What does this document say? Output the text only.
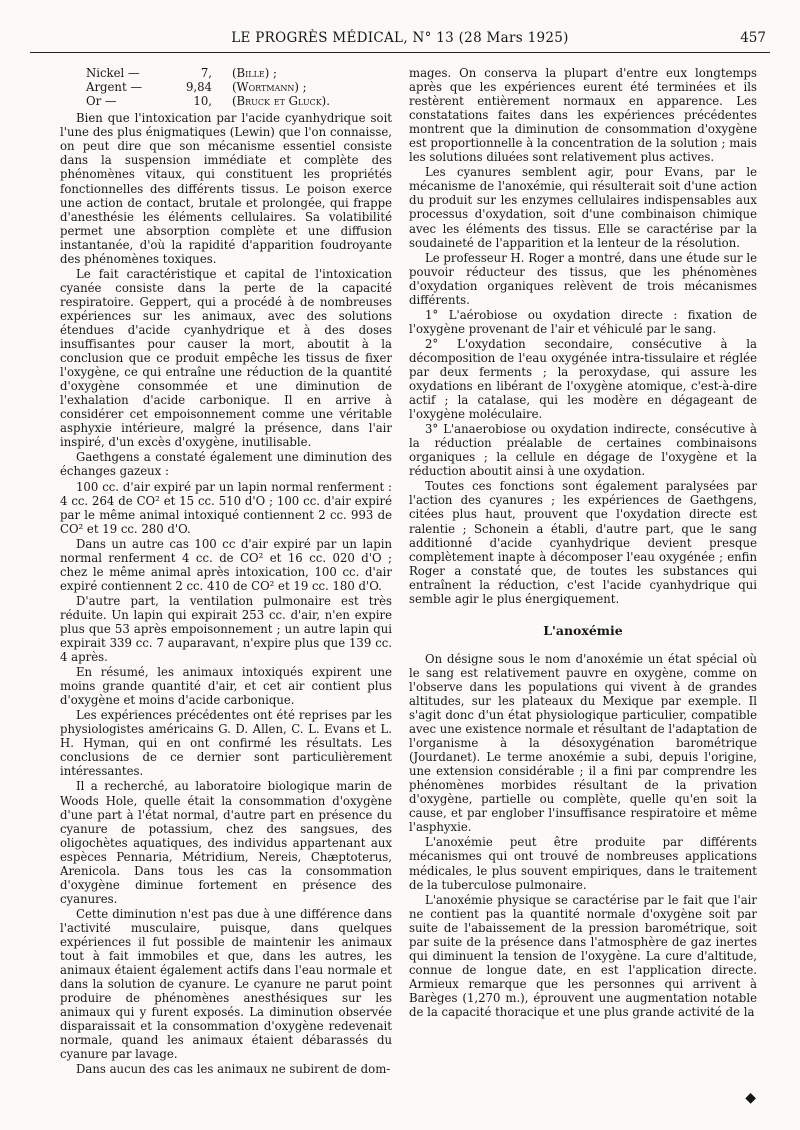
LE PROGRÈS MÉDICAL, N° 13 (28 Mars 1925)	457
Nickel —	7,	(Bille) ;
Argent —	9,84	(Wortmann) ;
Or —	10,	(Bruck et Gluck).

Bien que l'intoxication par l'acide cyanhydrique soit l'une des plus énigmatiques (Lewin) que l'on connaisse, on peut dire que son mécanisme essentiel consiste dans la suspension immédiate et complète des phénomènes vitaux, qui constituent les propriétés fonctionnelles des différents tissus. Le poison exerce une action de contact, brutale et prolongée, qui frappe d'anesthésie les éléments cellulaires. Sa volatibilité permet une absorption complète et une diffusion instantanée, d'où la rapidité d'apparition foudroyante des phénomènes toxiques.

Le fait caractéristique et capital de l'intoxication cyanée consiste dans la perte de la capacité respiratoire. Geppert, qui a procédé à de nombreuses expériences sur les animaux, avec des solutions étendues d'acide cyanhydrique et à des doses insuffisantes pour causer la mort, aboutit à la conclusion que ce produit empêche les tissus de fixer l'oxygène, ce qui entraîne une réduction de la quantité d'oxygène consommée et une diminution de l'exhalation d'acide carbonique. Il en arrive à considérer cet empoisonnement comme une véritable asphyxie intérieure, malgré la présence, dans l'air inspiré, d'un excès d'oxygène, inutilisable.

Gaethgens a constaté également une diminution des échanges gazeux :

100 cc. d'air expiré par un lapin normal renferment : 4 cc. 264 de CO² et 15 cc. 510 d'O ; 100 cc. d'air expiré par le même animal intoxiqué contiennent 2 cc. 993 de CO² et 19 cc. 280 d'O.

Dans un autre cas 100 cc d'air expiré par un lapin normal renferment 4 cc. de CO² et 16 cc. 020 d'O ; chez le même animal après intoxication, 100 cc. d'air expiré contiennent 2 cc. 410 de CO² et 19 cc. 180 d'O.

D'autre part, la ventilation pulmonaire est très réduite. Un lapin qui expirait 253 cc. d'air, n'en expire plus que 53 après empoisonnement ; un autre lapin qui expirait 339 cc. 7 auparavant, n'expire plus que 139 cc. 4 après.

En résumé, les animaux intoxiqués expirent une moins grande quantité d'air, et cet air contient plus d'oxygène et moins d'acide carbonique.

Les expériences précédentes ont été reprises par les physiologistes américains G. D. Allen, C. L. Evans et L. H. Hyman, qui en ont confirmé les résultats. Les conclusions de ce dernier sont particulièrement intéressantes.

Il a recherché, au laboratoire biologique marin de Woods Hole, quelle était la consommation d'oxygène d'une part à l'état normal, d'autre part en présence du cyanure de potassium, chez des sangsues, des oligochètes aquatiques, des individus appartenant aux espèces Pennaria, Métridium, Nereis, Chæptoterus, Arenicola. Dans tous les cas la consommation d'oxygène diminue fortement en présence des cyanures.

Cette diminution n'est pas due à une différence dans l'activité musculaire, puisque, dans quelques expériences il fut possible de maintenir les animaux tout à fait immobiles et que, dans les autres, les animaux étaient également actifs dans l'eau normale et dans la solution de cyanure. Le cyanure ne parut point produire de phénomènes anesthésiques sur les animaux qui y furent exposés. La diminution observée disparaissait et la consommation d'oxygène redevenait normale, quand les animaux étaient débarassés du cyanure par lavage.

Dans aucun des cas les animaux ne subirent de dom-

mages. On conserva la plupart d'entre eux longtemps après que les expériences eurent été terminées et ils restèrent entièrement normaux en apparence. Les constatations faites dans les expériences précédentes montrent que la diminution de consommation d'oxygène est proportionnelle à la concentration de la solution ; mais les solutions diluées sont relativement plus actives.

Les cyanures semblent agir, pour Evans, par le mécanisme de l'anoxémie, qui résulterait soit d'une action du produit sur les enzymes cellulaires indispensables aux processus d'oxydation, soit d'une combinaison chimique avec les éléments des tissus. Elle se caractérise par la soudaineté de l'apparition et la lenteur de la résolution.

Le professeur H. Roger a montré, dans une étude sur le pouvoir réducteur des tissus, que les phénomènes d'oxydation organiques relèvent de trois mécanismes différents.

1° L'aérobiose ou oxydation directe : fixation de l'oxygène provenant de l'air et véhiculé par le sang.

2° L'oxydation secondaire, consécutive à la décomposition de l'eau oxygénée intra-tissulaire et réglée par deux ferments ; la peroxydase, qui assure les oxydations en libérant de l'oxygène atomique, c'est-à-dire actif ; la catalase, qui les modère en dégageant de l'oxygène moléculaire.

3° L'anaerobiose ou oxydation indirecte, consécutive à la réduction préalable de certaines combinaisons organiques ; la cellule en dégage de l'oxygène et la réduction aboutit ainsi à une oxydation.

Toutes ces fonctions sont également paralysées par l'action des cyanures ; les expériences de Gaethgens, citées plus haut, prouvent que l'oxydation directe est ralentie ; Schonein a établi, d'autre part, que le sang additionné d'acide cyanhydrique devient presque complètement inapte à décomposer l'eau oxygénée ; enfin Roger a constaté que, de toutes les substances qui entraînent la réduction, c'est l'acide cyanhydrique qui semble agir le plus énergiquement.

L'anoxémie

On désigne sous le nom d'anoxémie un état spécial où le sang est relativement pauvre en oxygène, comme on l'observe dans les populations qui vivent à de grandes altitudes, sur les plateaux du Mexique par exemple. Il s'agit donc d'un état physiologique particulier, compatible avec une existence normale et résultant de l'adaptation de l'organisme à la désoxygénation barométrique (Jourdanet). Le terme anoxémie a subi, depuis l'origine, une extension considérable ; il a fini par comprendre les phénomènes morbides résultant de la privation d'oxygène, partielle ou complète, quelle qu'en soit la cause, et par englober l'insuffisance respiratoire et même l'asphyxie.

L'anoxémie peut être produite par différents mécanismes qui ont trouvé de nombreuses applications médicales, le plus souvent empiriques, dans le traitement de la tuberculose pulmonaire.

L'anoxémie physique se caractérise par le fait que l'air ne contient pas la quantité normale d'oxygène soit par suite de l'abaissement de la pression barométrique, soit par suite de la présence dans l'atmosphère de gaz inertes qui diminuent la tension de l'oxygène. La cure d'altitude, connue de longue date, en est l'application directe. Armieux remarque que les personnes qui arrivent à Barèges (1,270 m.), éprouvent une augmentation notable de la capacité thoracique et une plus grande activité de la

◆
